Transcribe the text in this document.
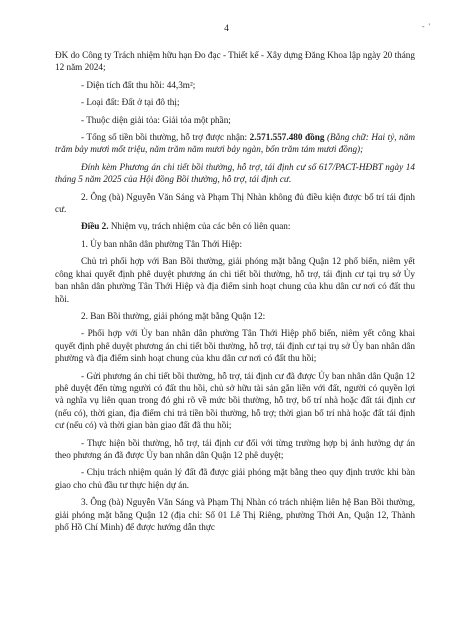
4	- '

ĐK do Công ty Trách nhiệm hữu hạn Đo đạc - Thiết kế - Xây dựng Đăng Khoa lập ngày 20 tháng 12 năm 2024;

- Diện tích đất thu hồi: 44,3m²;

- Loại đất: Đất ở tại đô thị;

- Thuộc diện giải tỏa: Giải tỏa một phần;

- Tổng số tiền bồi thường, hỗ trợ được nhận: 2.571.557.480 đồng (Bằng chữ: Hai tỷ, năm trăm bảy mươi mốt triệu, năm trăm năm mươi bảy ngàn, bốn trăm tám mươi đồng);

Đính kèm Phương án chi tiết bồi thường, hỗ trợ, tái định cư số 617/PACT-HĐBT ngày 14 tháng 5 năm 2025 của Hội đồng Bồi thường, hỗ trợ, tái định cư.

2. Ông (bà) Nguyễn Văn Sáng và Phạm Thị Nhàn không đủ điều kiện được bố trí tái định cư.

Điều 2. Nhiệm vụ, trách nhiệm của các bên có liên quan:

1. Ủy ban nhân dân phường Tân Thới Hiệp:

Chủ trì phối hợp với Ban Bồi thường, giải phóng mặt bằng Quận 12 phổ biến, niêm yết công khai quyết định phê duyệt phương án chi tiết bồi thường, hỗ trợ, tái định cư tại trụ sở Ủy ban nhân dân phường Tân Thới Hiệp và địa điểm sinh hoạt chung của khu dân cư nơi có đất thu hồi.

2. Ban Bồi thường, giải phóng mặt bằng Quận 12:

- Phối hợp với Ủy ban nhân dân phường Tân Thới Hiệp phổ biến, niêm yết công khai quyết định phê duyệt phương án chi tiết bồi thường, hỗ trợ, tái định cư tại trụ sở Ủy ban nhân dân phường và địa điểm sinh hoạt chung của khu dân cư nơi có đất thu hồi;

- Gửi phương án chi tiết bồi thường, hỗ trợ, tái định cư đã được Ủy ban nhân dân Quận 12 phê duyệt đến từng người có đất thu hồi, chủ sở hữu tài sản gắn liền với đất, người có quyền lợi và nghĩa vụ liên quan trong đó ghi rõ về mức bồi thường, hỗ trợ, bố trí nhà hoặc đất tái định cư (nếu có), thời gian, địa điểm chi trả tiền bồi thường, hỗ trợ; thời gian bố trí nhà hoặc đất tái định cư (nếu có) và thời gian bàn giao đất đã thu hồi;

- Thực hiện bồi thường, hỗ trợ, tái định cư đối với từng trường hợp bị ảnh hưởng dự án theo phương án đã được Ủy ban nhân dân Quận 12 phê duyệt;

- Chịu trách nhiệm quản lý đất đã được giải phóng mặt bằng theo quy định trước khi bàn giao cho chủ đầu tư thực hiện dự án.

3. Ông (bà) Nguyễn Văn Sáng và Phạm Thị Nhàn có trách nhiệm liên hệ Ban Bồi thường, giải phóng mặt bằng Quận 12 (địa chỉ: Số 01 Lê Thị Riêng, phường Thới An, Quận 12, Thành phố Hồ Chí Minh) để được hướng dẫn thực
